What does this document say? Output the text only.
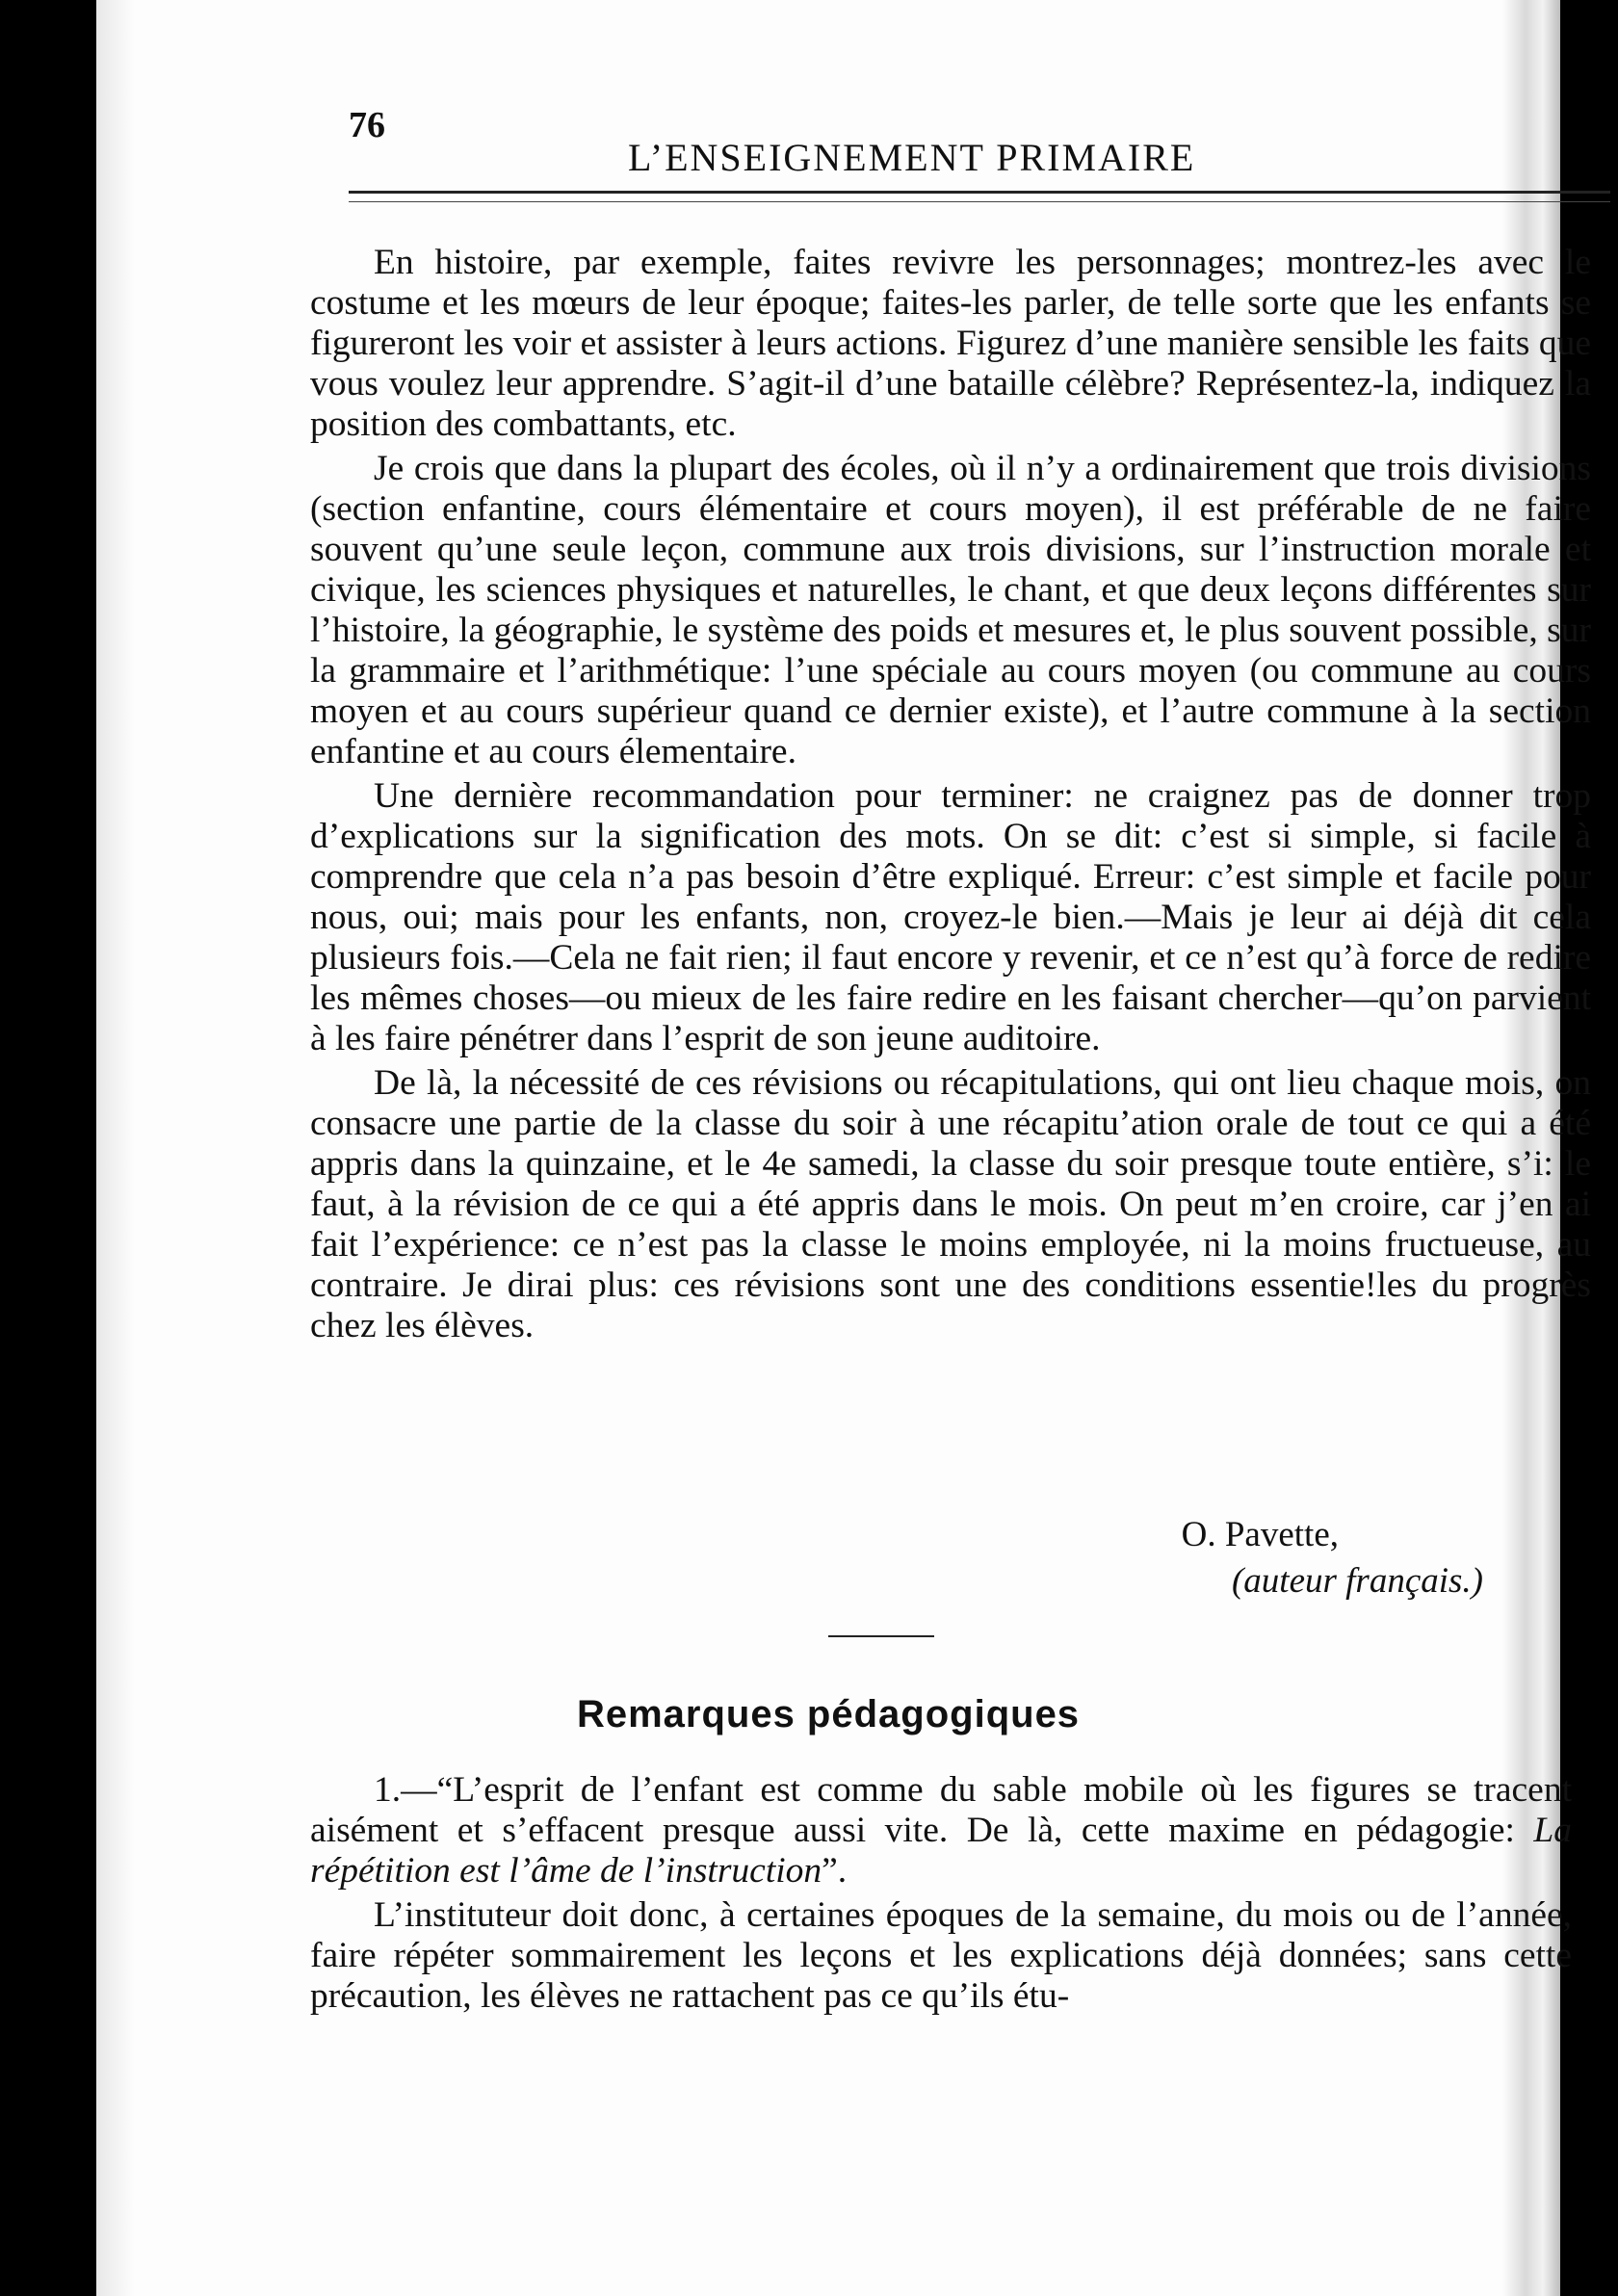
76
L’ENSEIGNEMENT PRIMAIRE

En histoire, par exemple, faites revivre les personnages; montrez-les avec le costume et les mœurs de leur époque; faites-les parler, de telle sorte que les enfants se figureront les voir et assister à leurs actions. Figurez d’une manière sensible les faits que vous voulez leur apprendre. S’agit-il d’une bataille célèbre? Représentez-la, indiquez la position des combattants, etc.

Je crois que dans la plupart des écoles, où il n’y a ordinairement que trois divisions (section enfantine, cours élémentaire et cours moyen), il est préférable de ne faire souvent qu’une seule leçon, commune aux trois divisions, sur l’instruction morale et civique, les sciences physiques et naturelles, le chant, et que deux leçons différentes sur l’histoire, la géographie, le système des poids et mesures et, le plus souvent possible, sur la grammaire et l’arithmétique: l’une spéciale au cours moyen (ou commune au cours moyen et au cours supérieur quand ce dernier existe), et l’autre commune à la section enfantine et au cours élementaire.

Une dernière recommandation pour terminer: ne craignez pas de donner trop d’explications sur la signification des mots. On se dit: c’est si simple, si facile à comprendre que cela n’a pas besoin d’être expliqué. Erreur: c’est simple et facile pour nous, oui; mais pour les enfants, non, croyez-le bien.—Mais je leur ai déjà dit cela plusieurs fois.—Cela ne fait rien; il faut encore y revenir, et ce n’est qu’à force de redire les mêmes choses—ou mieux de les faire redire en les faisant chercher—qu’on parvient à les faire pénétrer dans l’esprit de son jeune auditoire.

De là, la nécessité de ces révisions ou récapitulations, qui ont lieu chaque mois, on consacre une partie de la classe du soir à une récapitu’ation orale de tout ce qui a été appris dans la quinzaine, et le 4e samedi, la classe du soir presque toute entière, s’i: le faut, à la révision de ce qui a été appris dans le mois. On peut m’en croire, car j’en ai fait l’expérience: ce n’est pas la classe le moins employée, ni la moins fructueuse, au contraire. Je dirai plus: ces révisions sont une des conditions essentie!les du progrès chez les élèves.

O. Pavette,
(auteur français.)
Remarques pédagogiques

1.—“L’esprit de l’enfant est comme du sable mobile où les figures se tracent aisément et s’effacent presque aussi vite. De là, cette maxime en pédagogie: La répétition est l’âme de l’instruction”.

L’instituteur doit donc, à certaines époques de la semaine, du mois ou de l’année, faire répéter sommairement les leçons et les explications déjà données; sans cette précaution, les élèves ne rattachent pas ce qu’ils étu-
